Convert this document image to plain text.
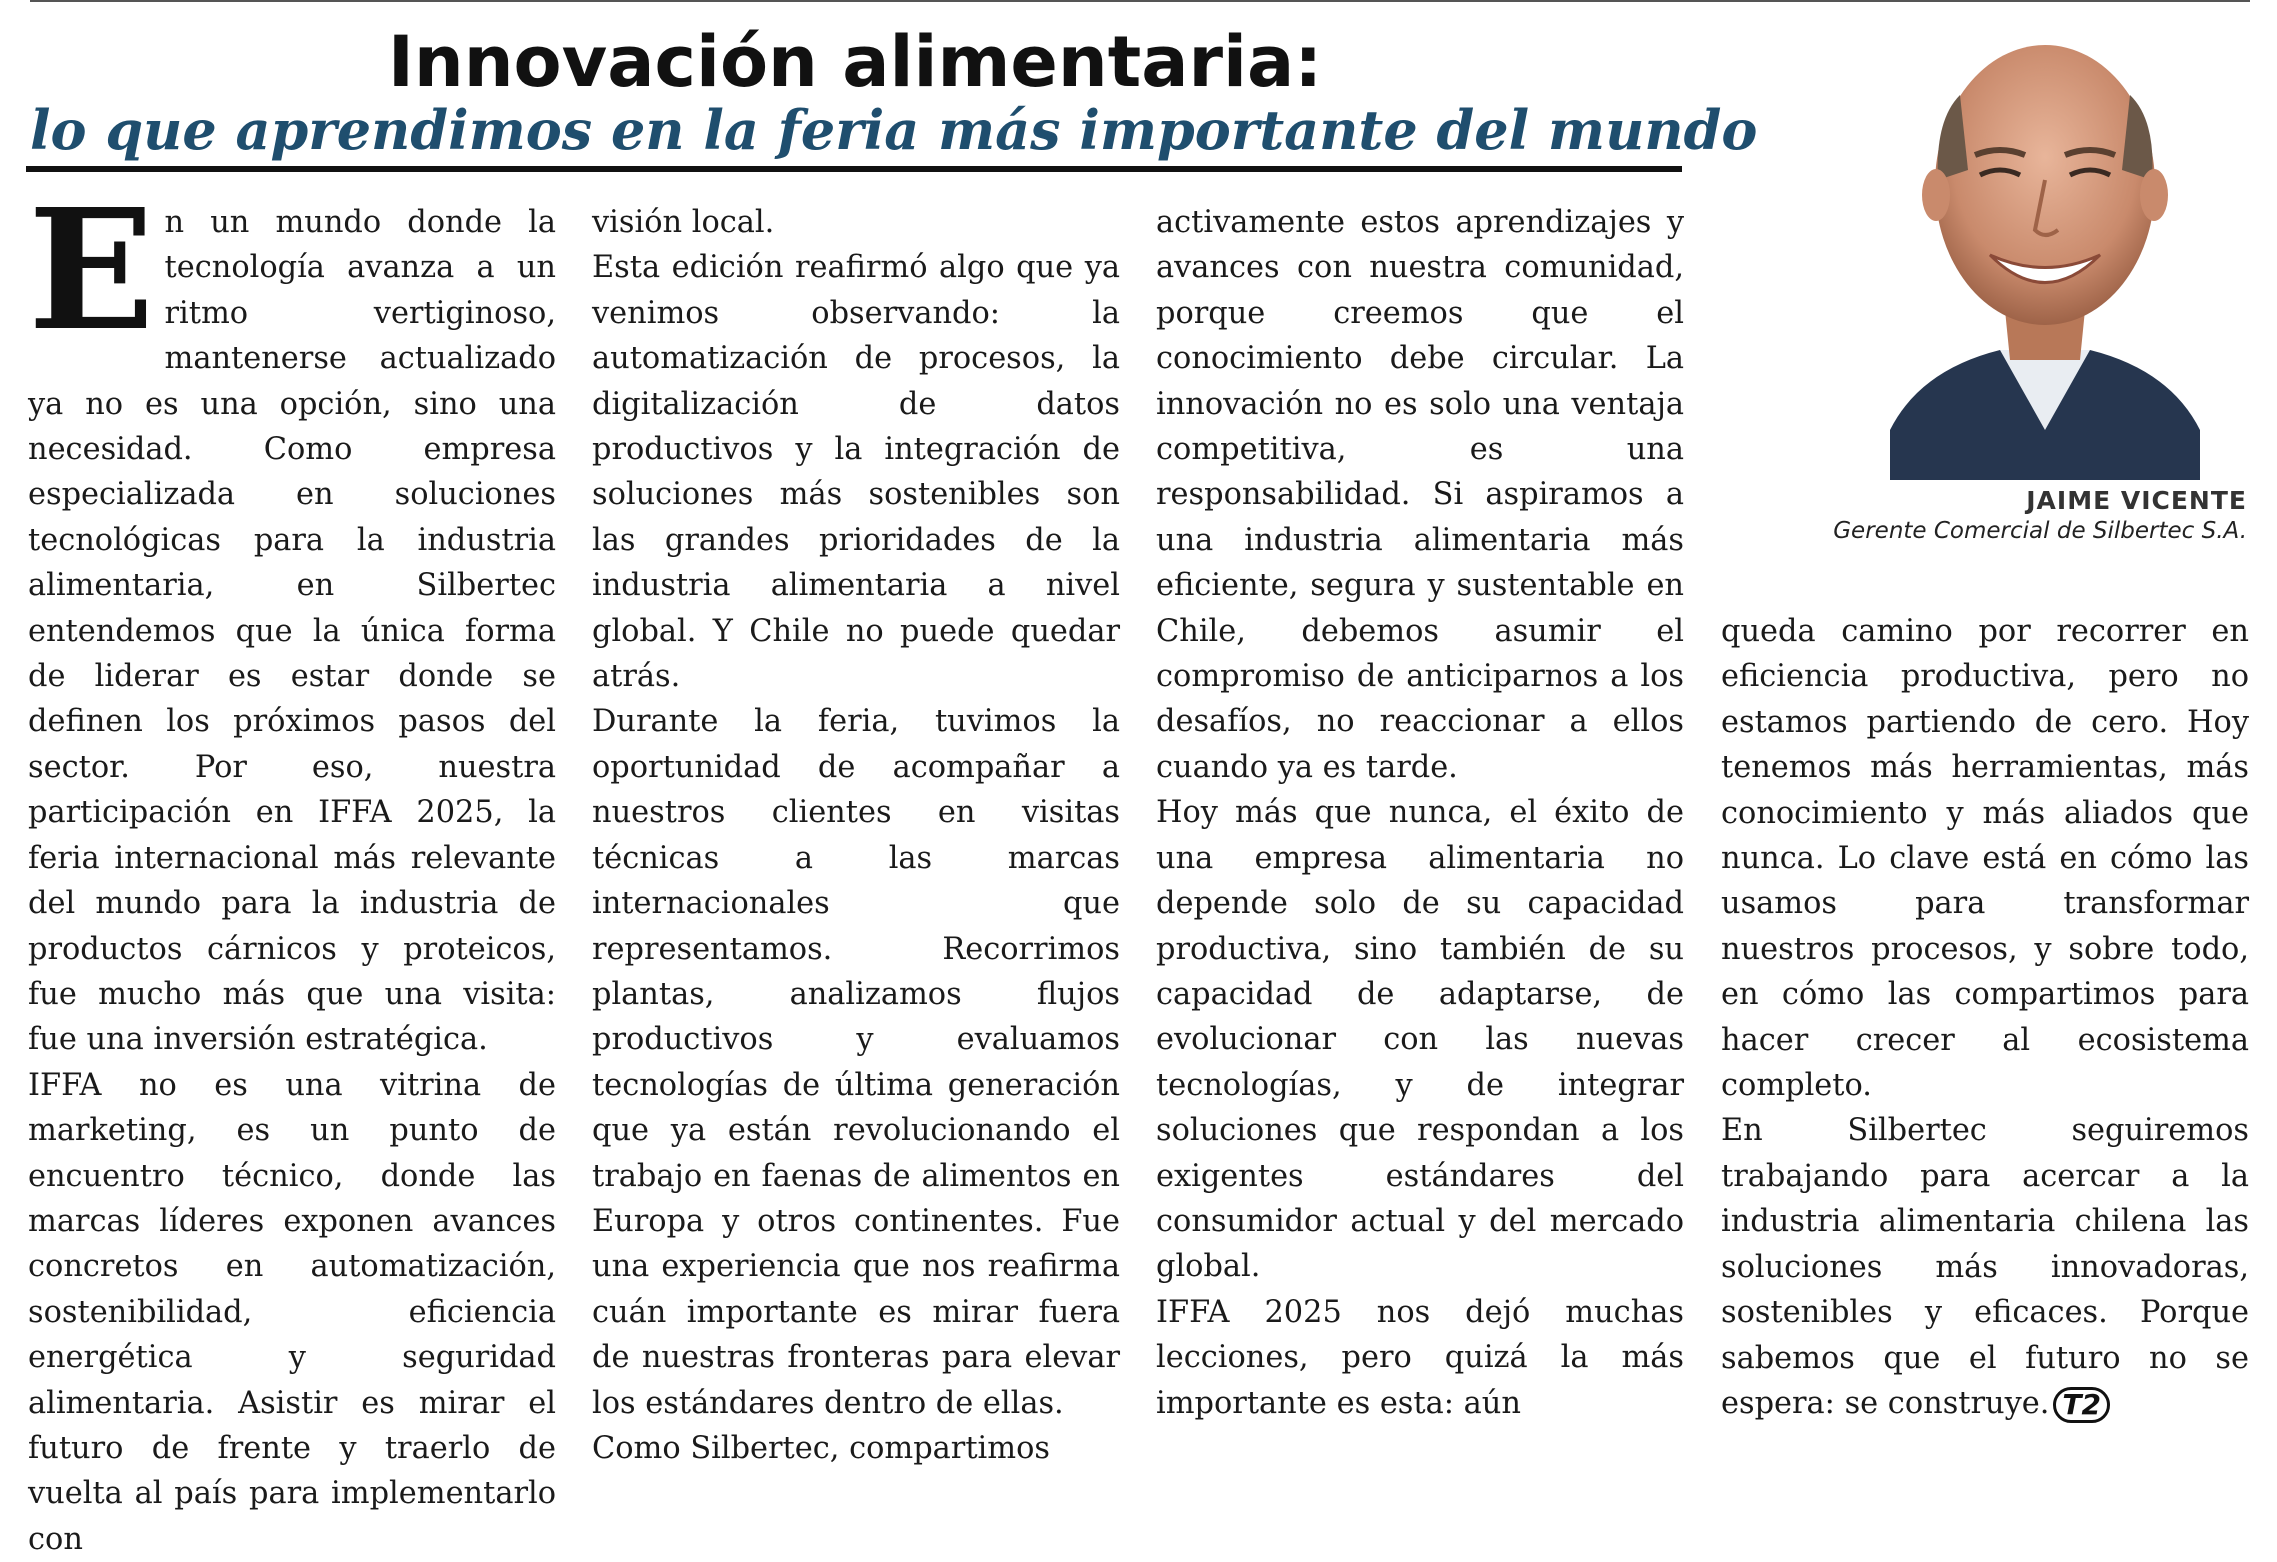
Innovación alimentaria:
lo que aprendimos en la feria más importante del mundo
JAIME VICENTE
Gerente Comercial de Silbertec S.A.

En un mundo donde la tecnología avanza a un ritmo vertiginoso, mantenerse actualizado ya no es una opción, sino una necesidad. Como empresa especializada en soluciones tecnológicas para la industria alimentaria, en Silbertec entendemos que la única forma de liderar es estar donde se definen los próximos pasos del sector. Por eso, nuestra participación en IFFA 2025, la feria internacional más relevante del mundo para la industria de productos cárnicos y proteicos, fue mucho más que una visita: fue una inversión estratégica.

IFFA no es una vitrina de marketing, es un punto de encuentro técnico, donde las marcas líderes exponen avances concretos en automatización, sostenibilidad, eficiencia energética y seguridad alimentaria. Asistir es mirar el futuro de frente y traerlo de vuelta al país para implementarlo con

visión local.

Esta edición reafirmó algo que ya venimos observando: la automatización de procesos, la digitalización de datos productivos y la integración de soluciones más sostenibles son las grandes prioridades de la industria alimentaria a nivel global. Y Chile no puede quedar atrás.

Durante la feria, tuvimos la oportunidad de acompañar a nuestros clientes en visitas técnicas a las marcas internacionales que representamos. Recorrimos plantas, analizamos flujos productivos y evaluamos tecnologías de última generación que ya están revolucionando el trabajo en faenas de alimentos en Europa y otros continentes. Fue una experiencia que nos reafirma cuán importante es mirar fuera de nuestras fronteras para elevar los estándares dentro de ellas.

Como Silbertec, compartimos

activamente estos aprendizajes y avances con nuestra comunidad, porque creemos que el conocimiento debe circular. La innovación no es solo una ventaja competitiva, es una responsabilidad. Si aspiramos a una industria alimentaria más eficiente, segura y sustentable en Chile, debemos asumir el compromiso de anticiparnos a los desafíos, no reaccionar a ellos cuando ya es tarde.

Hoy más que nunca, el éxito de una empresa alimentaria no depende solo de su capacidad productiva, sino también de su capacidad de adaptarse, de evolucionar con las nuevas tecnologías, y de integrar soluciones que respondan a los exigentes estándares del consumidor actual y del mercado global.

IFFA 2025 nos dejó muchas lecciones, pero quizá la más importante es esta: aún

queda camino por recorrer en eficiencia productiva, pero no estamos partiendo de cero. Hoy tenemos más herramientas, más conocimiento y más aliados que nunca. Lo clave está en cómo las usamos para transformar nuestros procesos, y sobre todo, en cómo las compartimos para hacer crecer al ecosistema completo.

En Silbertec seguiremos trabajando para acercar a la industria alimentaria chilena las soluciones más innovadoras, sostenibles y eficaces. Porque sabemos que el futuro no se espera: se construye. T2
